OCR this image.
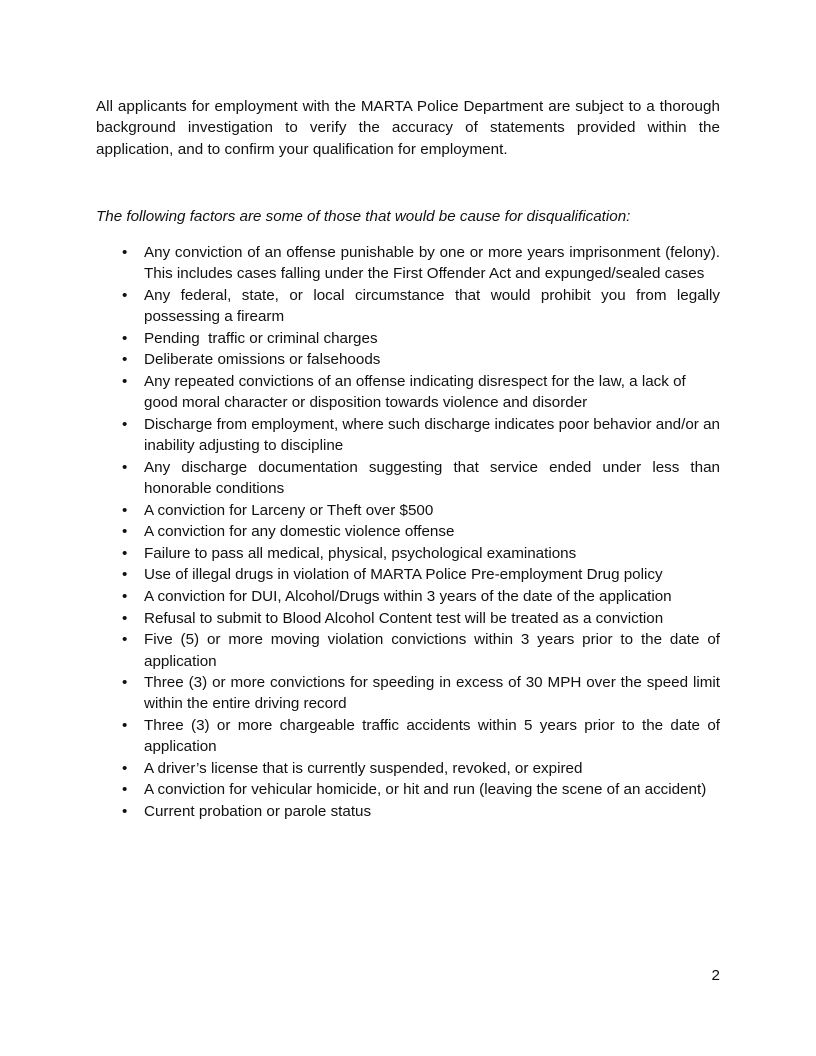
All applicants for employment with the MARTA Police Department are subject to a thorough background investigation to verify the accuracy of statements provided within the application, and to confirm your qualification for employment.

The following factors are some of those that would be cause for disqualification:

•	Any conviction of an offense punishable by one or more years imprisonment (felony). This includes cases falling under the First Offender Act and expunged/sealed cases
•	Any federal, state, or local circumstance that would prohibit you from legally possessing a firearm
•	Pending  traffic or criminal charges
•	Deliberate omissions or falsehoods
•	Any repeated convictions of an offense indicating disrespect for the law, a lack of good moral character or disposition towards violence and disorder
•	Discharge from employment, where such discharge indicates poor behavior and/or an inability adjusting to discipline
•	Any discharge documentation suggesting that service ended under less than honorable conditions
•	A conviction for Larceny or Theft over $500
•	A conviction for any domestic violence offense
•	Failure to pass all medical, physical, psychological examinations
•	Use of illegal drugs in violation of MARTA Police Pre-employment Drug policy
•	A conviction for DUI, Alcohol/Drugs within 3 years of the date of the application
•	Refusal to submit to Blood Alcohol Content test will be treated as a conviction
•	Five (5) or more moving violation convictions within 3 years prior to the date of application
•	Three (3) or more convictions for speeding in excess of 30 MPH over the speed limit within the entire driving record
•	Three (3) or more chargeable traffic accidents within 5 years prior to the date of application
•	A driver’s license that is currently suspended, revoked, or expired
•	A conviction for vehicular homicide, or hit and run (leaving the scene of an accident)
•	Current probation or parole status
2
